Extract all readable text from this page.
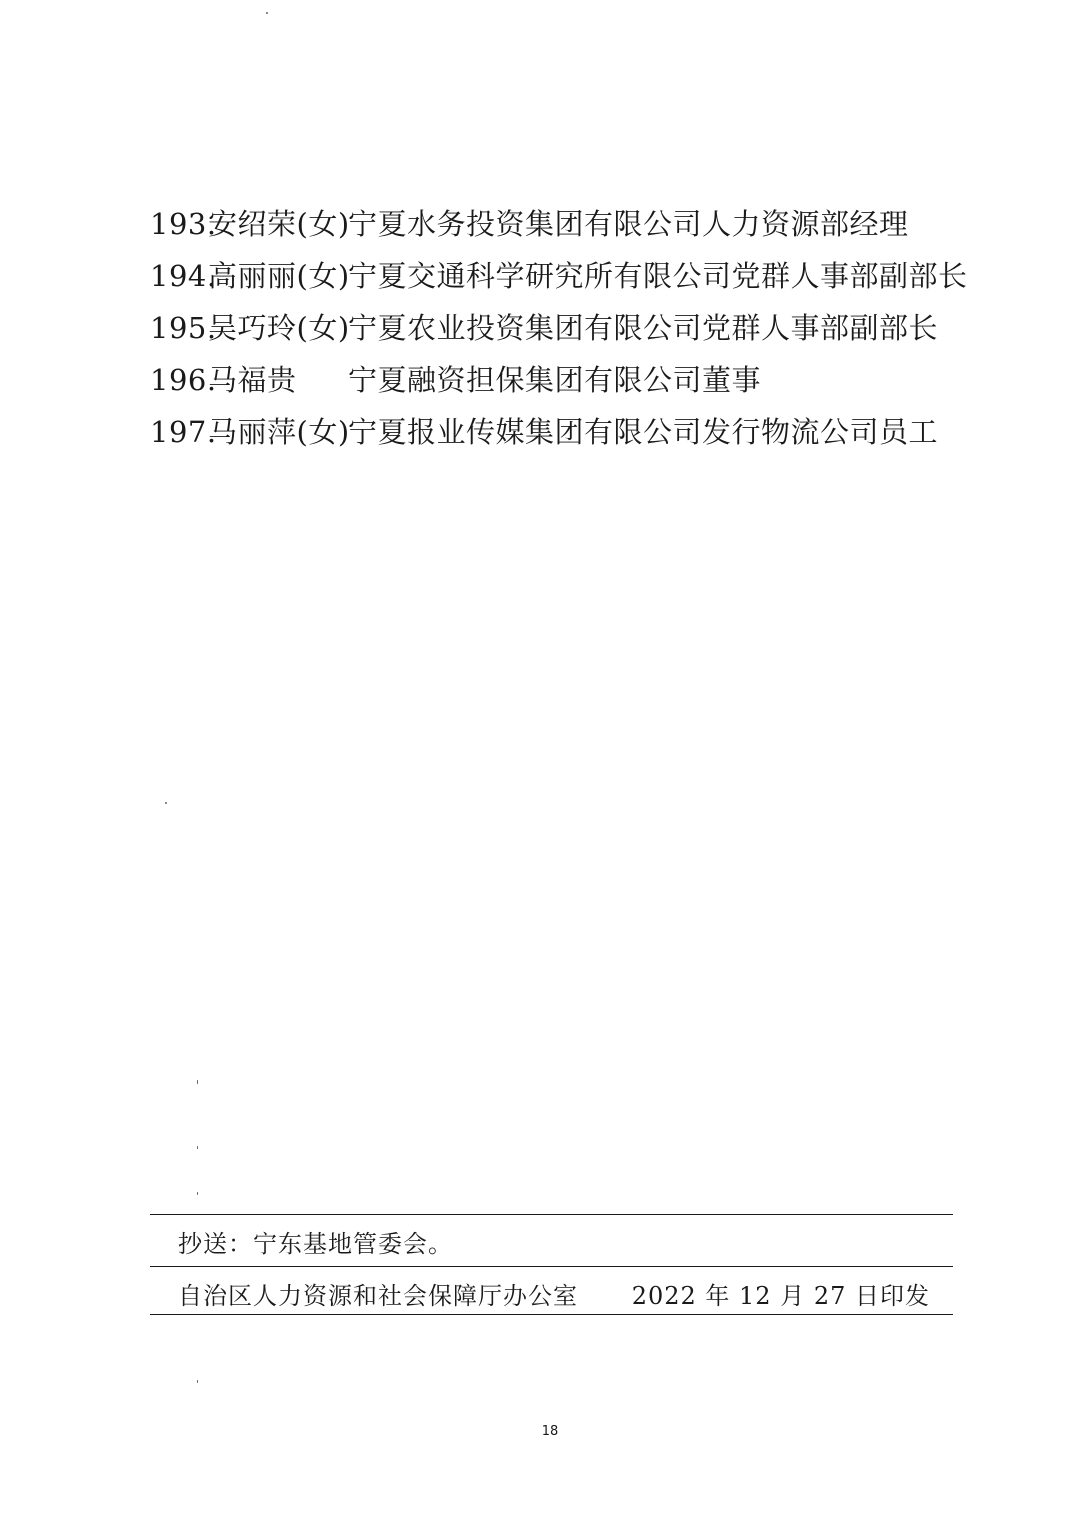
193.安绍荣(女)宁夏水务投资集团有限公司人力资源部经理
194.高丽丽(女)宁夏交通科学研究所有限公司党群人事部副部长
195.吴巧玲(女)宁夏农业投资集团有限公司党群人事部副部长
196.马福贵 宁夏融资担保集团有限公司董事
197.马丽萍(女)宁夏报业传媒集团有限公司发行物流公司员工
抄送：宁东基地管委会。
自治区人力资源和社会保障厅办公室 2022 年 12 月 27 日印发
18
